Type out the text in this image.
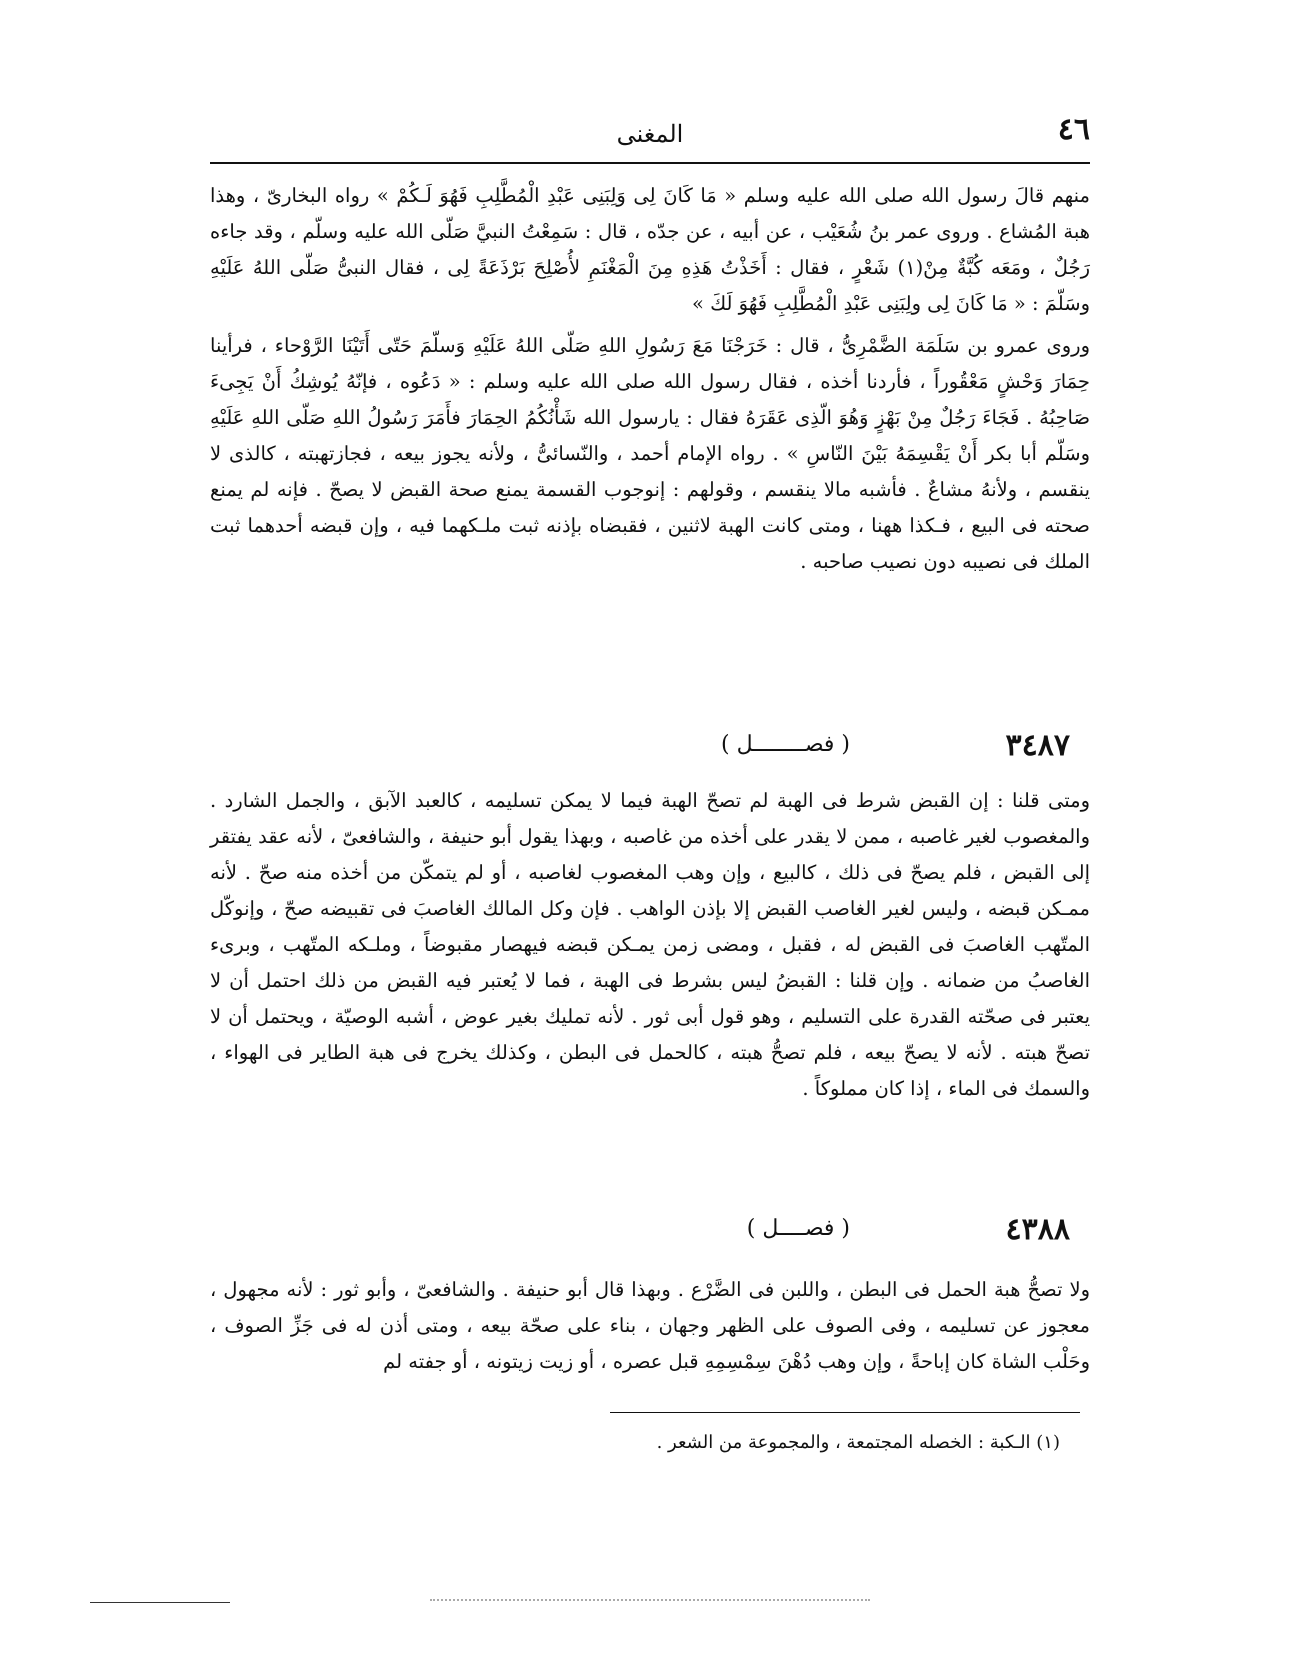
٤٦
المغنى

منهم قالَ رسول الله صلى الله عليه وسلم « مَا كَانَ لِى وَلِبَنِى عَبْدِ الْمُطَّلِبِ فَهُوَ لَـكُمْ » رواه البخارىّ ، وهذا هبة المُشاع . وروى عمر بنُ شُعَيْب ، عن أبيه ، عن جدّه ، قال : سَمِعْتُ النبيَّ صَلّى الله عليه وسلّم ، وقد جاءه رَجُلٌ ، ومَعَه كُبَّةٌ مِنْ(١) شَعْرٍ ، فقال : أَخَذْتُ هَذِهِ مِنَ الْمَغْنَمِ لأُصْلِحَ بَرْذَعَةً لِى ، فقال النبىُّ صَلّى اللهُ عَلَيْهِ وسَلّمَ : « مَا كَانَ لِى ولِبَنِى عَبْدِ الْمُطَّلِبِ فَهُوَ لَكَ »

وروى عمرو بن سَلَمَة الضَّمْرِىُّ ، قال : خَرَجْنَا مَعَ رَسُولِ اللهِ صَلّى اللهُ عَلَيْهِ وَسلّمَ حَتّى أَتَيْنَا الرَّوْحاء ، فرأينا حِمَارَ وَحْشٍ مَعْقُوراً ، فأردنا أخذه ، فقال رسول الله صلى الله عليه وسلم : « دَعُوه ، فإنّهُ يُوشِكُ أَنْ يَجِىءَ صَاحِبُهُ . فَجَاءَ رَجُلٌ مِنْ بَهْزٍ وَهُوَ الّذِى عَقَرَهُ فقال : يارسول الله شَأْنُكُمُ الحِمَارَ فأَمَرَ رَسُولُ اللهِ صَلّى اللهِ عَلَيْهِ وسَلّم أبا بكر أَنْ يَقْسِمَهُ بَيْنَ النّاسِ » . رواه الإمام أحمد ، والنّسائىُّ ، ولأنه يجوز بيعه ، فجازتهبته ، كالذى لا ينقسم ، ولأنهُ مشاعٌ . فأشبه مالا ينقسم ، وقولهم : إنوجوب القسمة يمنع صحة القبض لا يصحّ . فإنه لم يمنع صحته فى البيع ، فـكذا ههنا ، ومتى كانت الهبة لاثنين ، فقبضاه بإذنه ثبت ملـكهما فيه ، وإن قبضه أحدهما ثبت الملك فى نصيبه دون نصيب صاحبه .

٣٤٨٧
( فصــــــــل )

ومتى قلنا : إن القبض شرط فى الهبة لم تصحّ الهبة فيما لا يمكن تسليمه ، كالعبد الآبق ، والجمل الشارد . والمغصوب لغير غاصبه ، ممن لا يقدر على أخذه من غاصبه ، وبهذا يقول أبو حنيفة ، والشافعىّ ، لأنه عقد يفتقر إلى القبض ، فلم يصحّ فى ذلك ، كالبيع ، وإن وهب المغصوب لغاصبه ، أو لم يتمكّن من أخذه منه صحّ . لأنه ممـكن قبضه ، وليس لغير الغاصب القبض إلا بإذن الواهب . فإن وكل المالك الغاصبَ فى تقبيضه صحّ ، وإنوكّل المتّهب الغاصبَ فى القبض له ، فقبل ، ومضى زمن يمـكن قبضه فيهصار مقبوضاً ، وملـكه المتّهب ، وبرىء الغاصبُ من ضمانه . وإن قلنا : القبضُ ليس بشرط فى الهبة ، فما لا يُعتبر فيه القبض من ذلك احتمل أن لا يعتبر فى صحّته القدرة على التسليم ، وهو قول أبى ثور . لأنه تمليك بغير عوض ، أشبه الوصيّة ، ويحتمل أن لا تصحّ هبته . لأنه لا يصحّ بيعه ، فلم تصحُّ هبته ، كالحمل فى البطن ، وكذلك يخرج فى هبة الطاير فى الهواء ، والسمك فى الماء ، إذا كان مملوكاً .

٤٣٨٨
( فصــــل )

ولا تصحُّ هبة الحمل فى البطن ، واللبن فى الضَّرْع . وبهذا قال أبو حنيفة . والشافعىّ ، وأبو ثور : لأنه مجهول ، معجوز عن تسليمه ، وفى الصوف على الظهر وجهان ، بناء على صحّة بيعه ، ومتى أذن له فى جَزِّ الصوف ، وحَلْب الشاة كان إباحةً ، وإن وهب دُهْنَ سِمْسِمِهِ قبل عصره ، أو زيت زيتونه ، أو جفته لم

(١) الـكبة : الخصله المجتمعة ، والمجموعة من الشعر .
